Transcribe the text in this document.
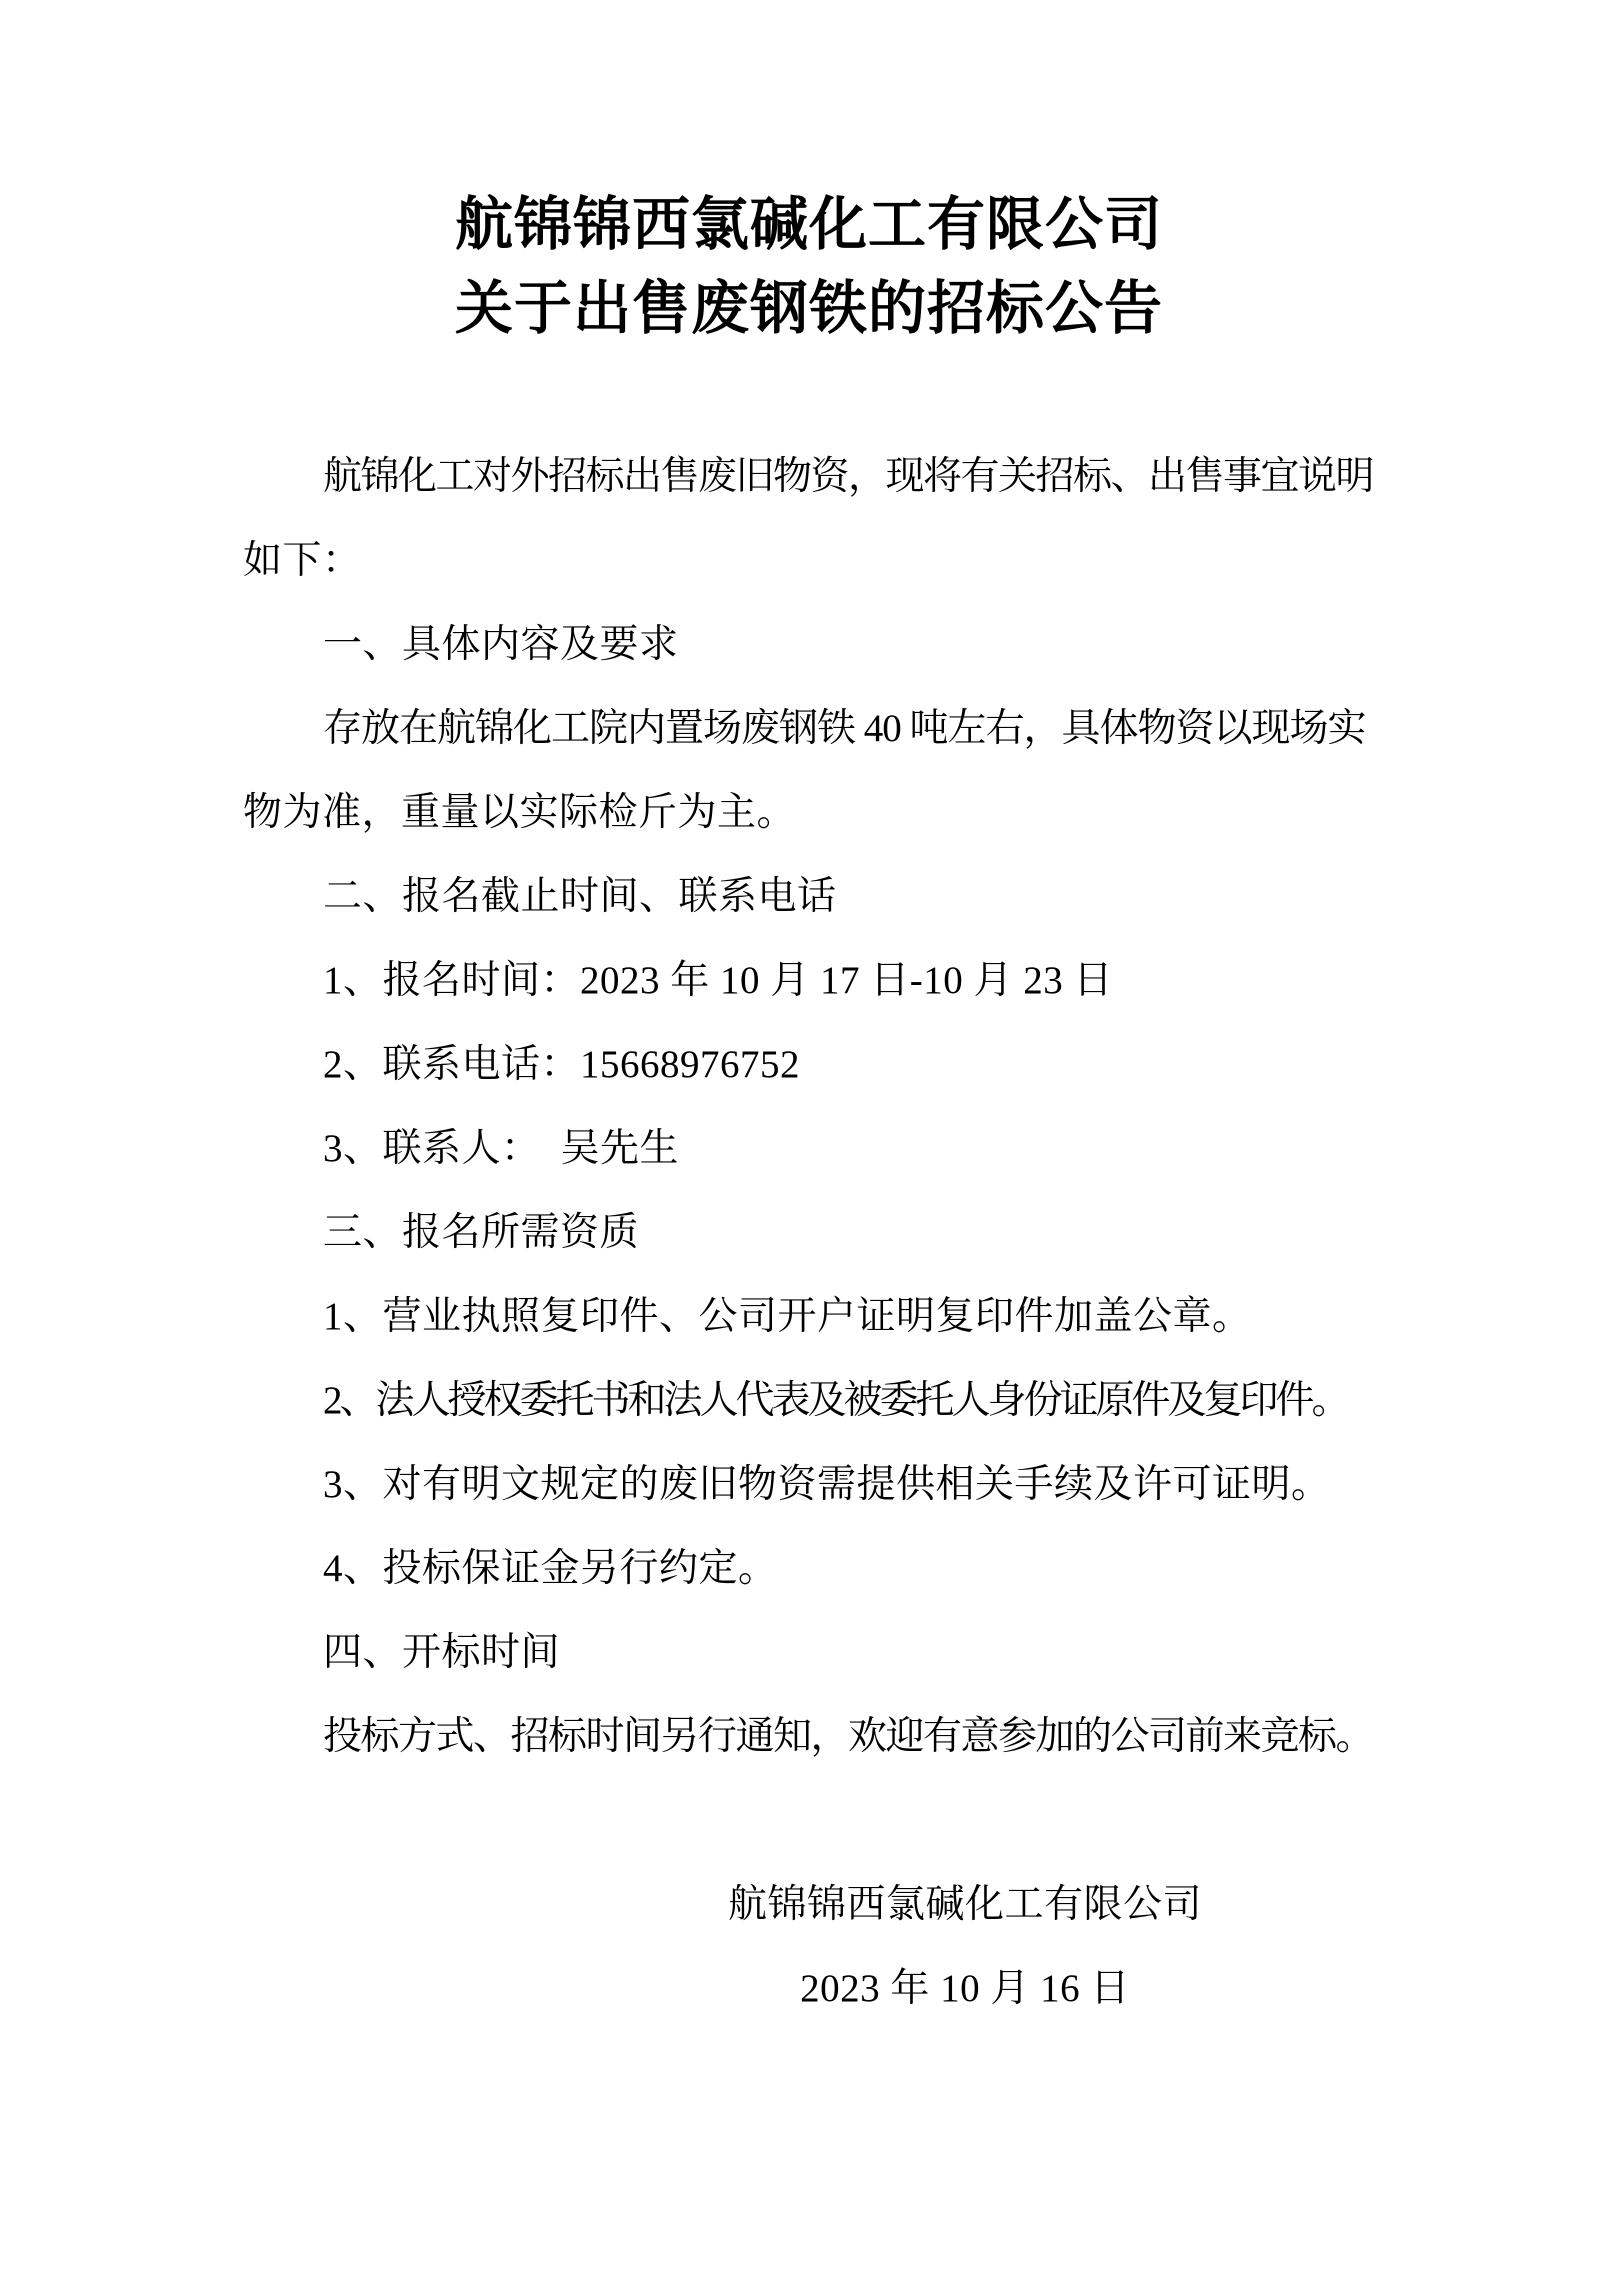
航锦锦西氯碱化工有限公司
关于出售废钢铁的招标公告
航锦化工对外招标出售废旧物资，现将有关招标、出售事宜说明
如下：
一、具体内容及要求
存放在航锦化工院内置场废钢铁 40 吨左右，具体物资以现场实
物为准，重量以实际检斤为主。
二、报名截止时间、联系电话
1、报名时间：2023 年 10 月 17 日-10 月 23 日
2、联系电话：15668976752
3、联系人：　吴先生
三、报名所需资质
1、营业执照复印件、公司开户证明复印件加盖公章。
2、法人授权委托书和法人代表及被委托人身份证原件及复印件。
3、对有明文规定的废旧物资需提供相关手续及许可证明。
4、投标保证金另行约定。
四、开标时间
投标方式、招标时间另行通知，欢迎有意参加的公司前来竞标。
航锦锦西氯碱化工有限公司
2023 年 10 月 16 日
